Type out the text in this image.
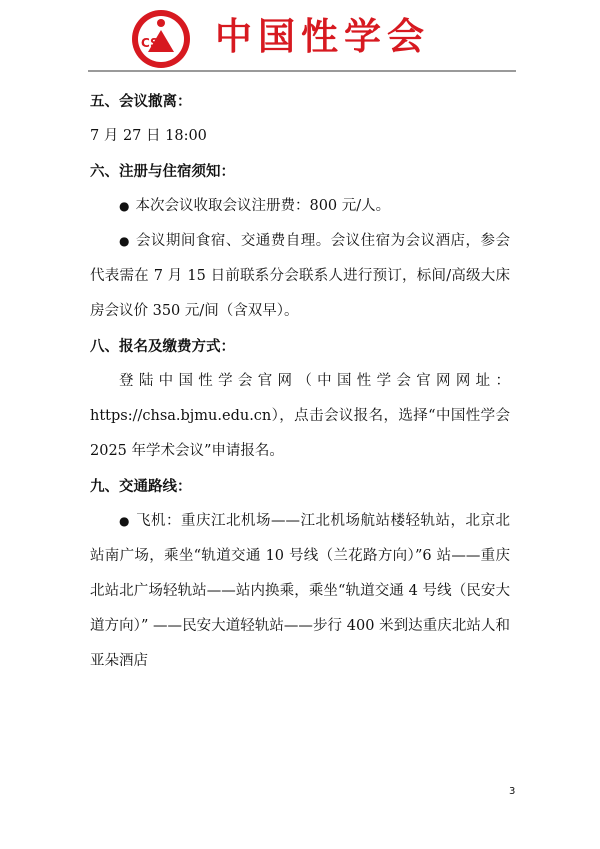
CSS 中国性学会
五、会议撤离：
7 月 27 日 18:00
六、注册与住宿须知：
● 本次会议收取会议注册费：800 元/人。
● 会议期间食宿、交通费自理。会议住宿为会议酒店，参会代表需在 7 月 15 日前联系分会联系人进行预订，标间/高级大床房会议价 350 元/间（含双早）。
八、报名及缴费方式：
登陆中国性学会官网（中国性学会官网网址：https://chsa.bjmu.edu.cn），点击会议报名，选择“中国性学会 2025 年学术会议”申请报名。
九、交通路线：
● 飞机：重庆江北机场——江北机场航站楼轻轨站，北京北站南广场，乘坐“轨道交通 10 号线（兰花路方向）”6 站——重庆北站北广场轻轨站——站内换乘，乘坐“轨道交通 4 号线（民安大道方向）” ——民安大道轻轨站——步行 400 米到达重庆北站人和亚朵酒店
3
